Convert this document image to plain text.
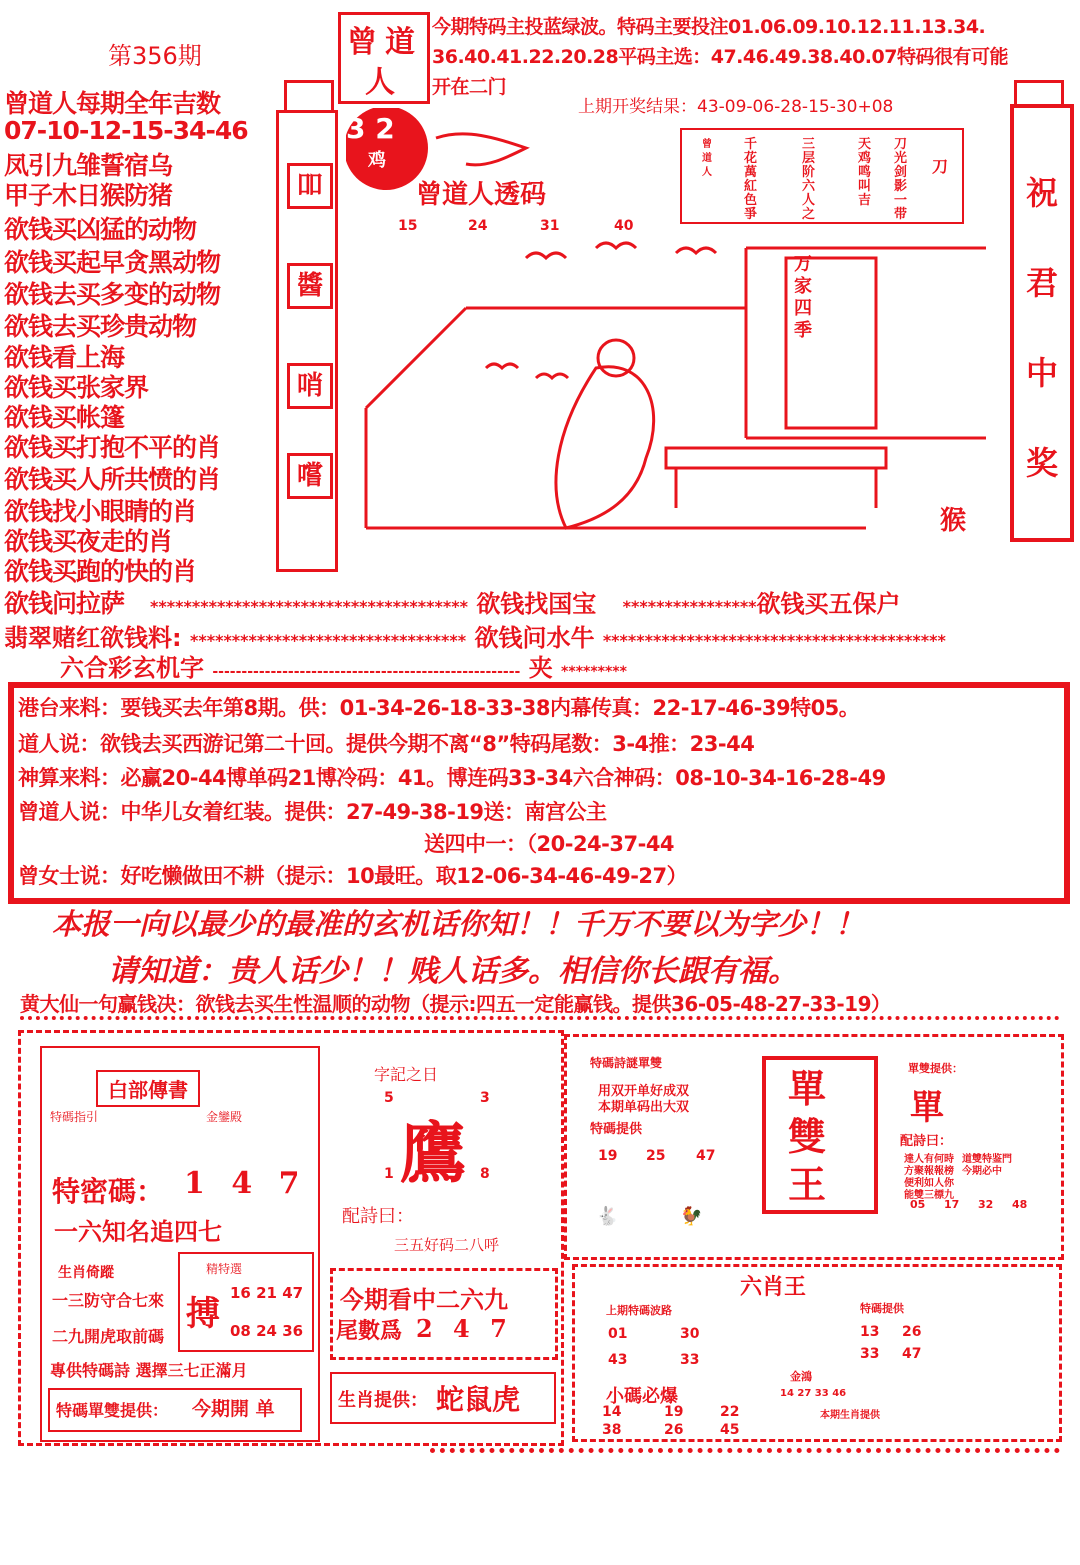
第356期	曾 道
人
今期特码主投蓝绿波。特码主要投注01.06.09.10.12.11.13.34.
36.40.41.22.20.28平码主选：47.46.49.38.40.07特码很有可能
开在二门
上期开奖结果：43-09-06-28-15-30+08
曾道人每期全年吉数
07-10-12-15-34-46
凤引九雏誓宿乌
甲子木日猴防猪
欲钱买凶猛的动物
欲钱买起早贪黑动物
欲钱去买多变的动物
欲钱去买珍贵动物
欲钱看上海
欲钱买张家界
欲钱买帐篷
欲钱买打抱不平的肖
欲钱买人所共愤的肖
欲钱找小眼睛的肖
欲钱买夜走的肖
欲钱买跑的快的肖
欲钱问拉萨
吅
醬
哨
嚐
3 2
鸡
曾道人透码
15	24	31	40
万家四季
猴
刀
刀光剑影一带
天鸡鸣叫吉
三层阶六人之
千花萬紅色爭
曾道人
祝
君
中
奖
************************************** 欲钱找国宝 ****************欲钱买五保户
翡翠赌红欲钱料: ********************************* 欲钱问水牛 *****************************************
六合彩玄机字 ----------------------------------------------------- 夹 *********
港台来料：要钱买去年第8期。供：01-34-26-18-33-38内幕传真：22-17-46-39特05。
道人说：欲钱去买西游记第二十回。提供今期不离“8”特码尾数：3-4推：23-44
神算来料：必赢20-44博单码21博冷码：41。博连码33-34六合神码：08-10-34-16-28-49
曾道人说：中华儿女着红装。提供：27-49-38-19送：南宫公主
送四中一：（20-24-37-44
曾女士说：好吃懒做田不耕（提示：10最旺。取12-06-34-46-49-27）
本报一向以最少的最准的玄机话你知！！千万不要以为字少！！
请知道：贵人话少！！贱人话多。相信你长跟有福。
黄大仙一句赢钱决：欲钱去买生性温顺的动物（提示:四五一定能赢钱。提供36-05-48-27-33-19）
白部傳書
特碼指引	金鑾殿
特密碼： 1 4 7
一六知名追四七
生肖倚蹤
一三防守合七來
二九開虎取前碼
精特選
搏
16 21 47
08 24 36
專供特碼詩 選擇三七正滿月
特碼單雙提供： 今期開 单
字記之日
5	3
1	8
鷹
配詩曰：
三五好码二八呼
今期看中二六九
尾數爲 2 4 7
生肖提供： 蛇鼠虎
特碼詩謎單雙
用双开单好成双
本期单码出大双
特碼提供
19 25 47
🐇	🐓
單
雙
王
單雙提供：
單
配詩曰：
達人有何時
方聚報報榜
便利如人你
能雙三標九
道雙特鉴門
今期必中
05 17 32 48
六肖王
上期特碼波路
01	30
43	33
金鴻
14 27 33 46
特碼提供
13 26
33 47
小碼必爆
14	19	22
38	26	45
本期生肖提供
